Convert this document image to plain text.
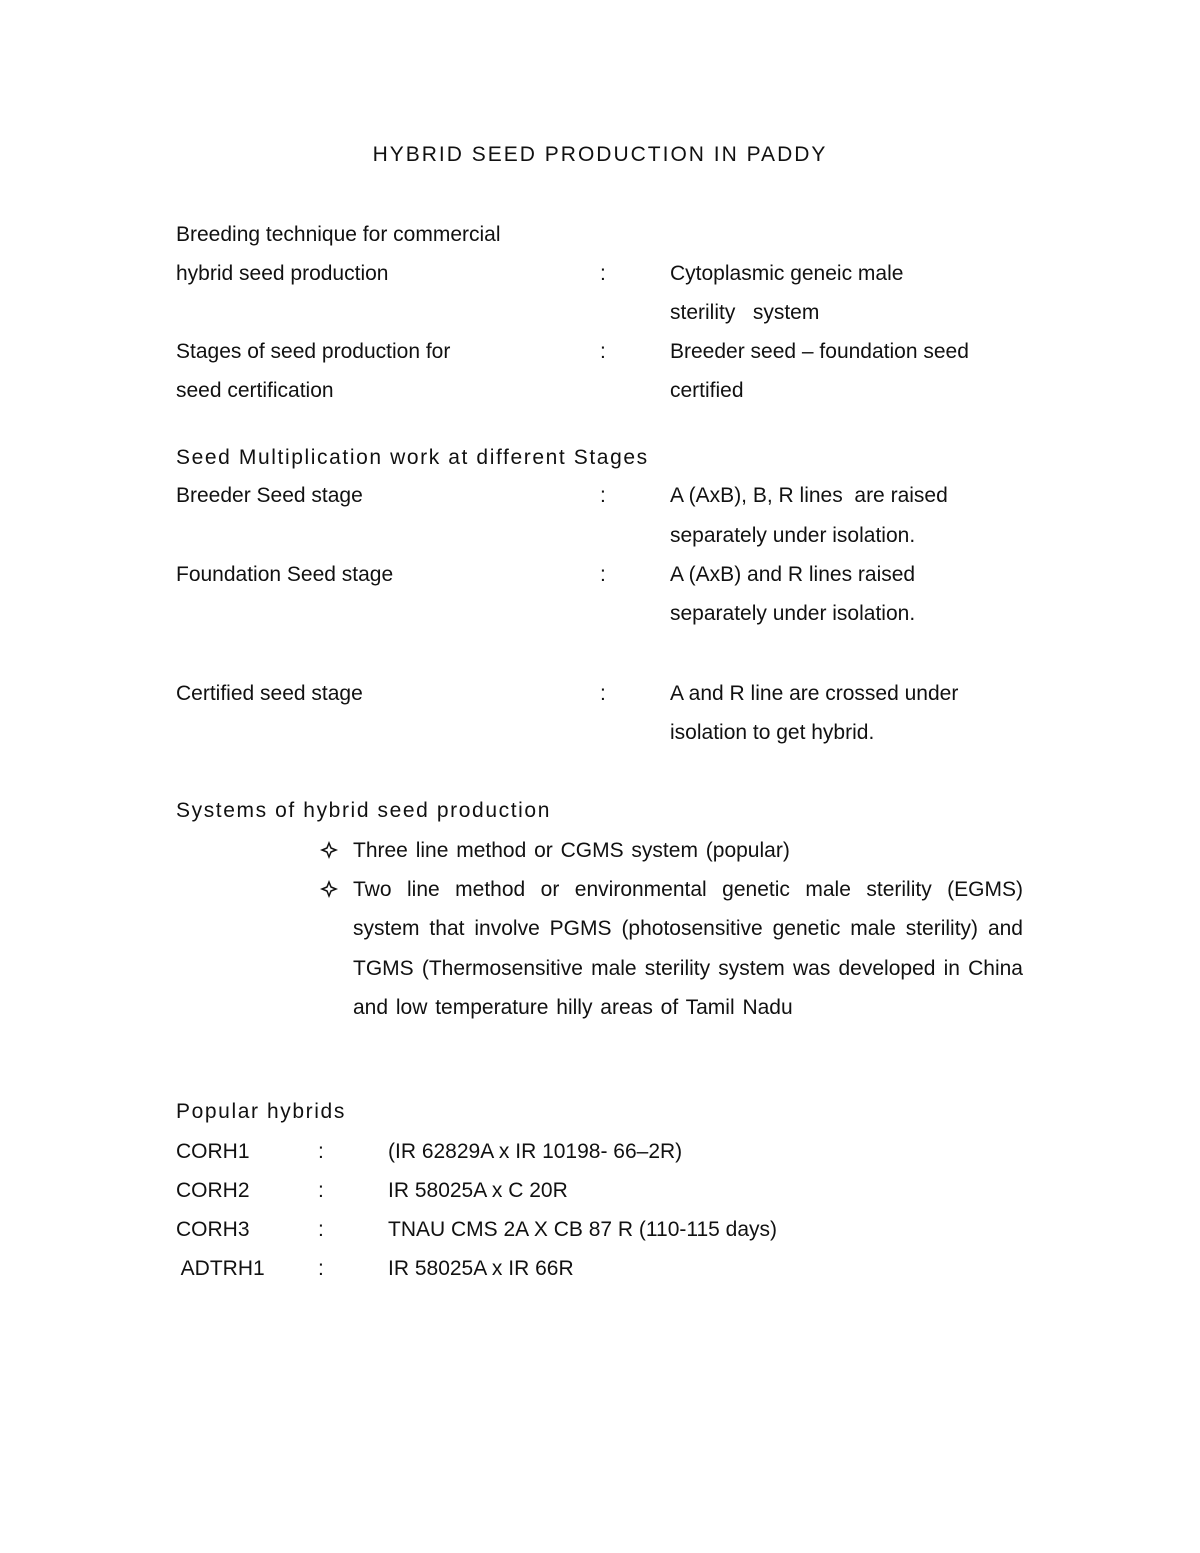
HYBRID SEED PRODUCTION IN PADDY
Breeding technique for commercial
hybrid seed production	:	Cytoplasmic geneic male
sterility   system
Stages of seed production for	:	Breeder seed – foundation seed
seed certification	certified
Seed Multiplication work at different Stages
Breeder Seed stage	:	A (AxB), B, R lines  are raised
separately under isolation.
Foundation Seed stage	:	A (AxB) and R lines raised
separately under isolation.
Certified seed stage	:	A and R line are crossed under
isolation to get hybrid.
Systems of hybrid seed production
Three line method or CGMS system (popular)
Two line method or environmental genetic male sterility (EGMS) system that involve PGMS (photosensitive genetic male sterility) and TGMS (Thermosensitive male sterility system was developed in China and low temperature hilly areas of Tamil Nadu
Popular hybrids
CORH1	:	(IR 62829A x IR 10198- 66–2R)
CORH2	:	IR 58025A x C 20R
CORH3	:	TNAU CMS 2A X CB 87 R (110-115 days)
ADTRH1	:	IR 58025A x IR 66R
